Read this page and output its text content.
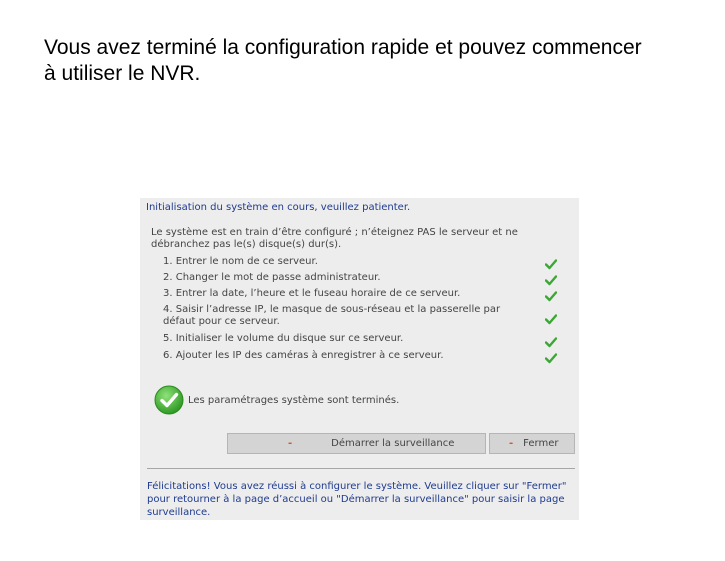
Vous avez terminé la configuration rapide et pouvez commencer à utiliser le NVR.
Initialisation du système en cours, veuillez patienter.
Le système est en train d’être configuré ; n’éteignez PAS le serveur et ne débranchez pas le(s) disque(s) dur(s).
1. Entrer le nom de ce serveur.
2. Changer le mot de passe administrateur.
3. Entrer la date, l’heure et le fuseau horaire de ce serveur.
4. Saisir l’adresse IP, le masque de sous-réseau et la passerelle par défaut pour ce serveur.
5. Initialiser le volume du disque sur ce serveur.
6. Ajouter les IP des caméras à enregistrer à ce serveur.
Les paramétrages système sont terminés.
-	Démarrer la surveillance	- Fermer
Félicitations! Vous avez réussi à configurer le système. Veuillez cliquer sur "Fermer" pour retourner à la page d’accueil ou "Démarrer la surveillance" pour saisir la page surveillance.
